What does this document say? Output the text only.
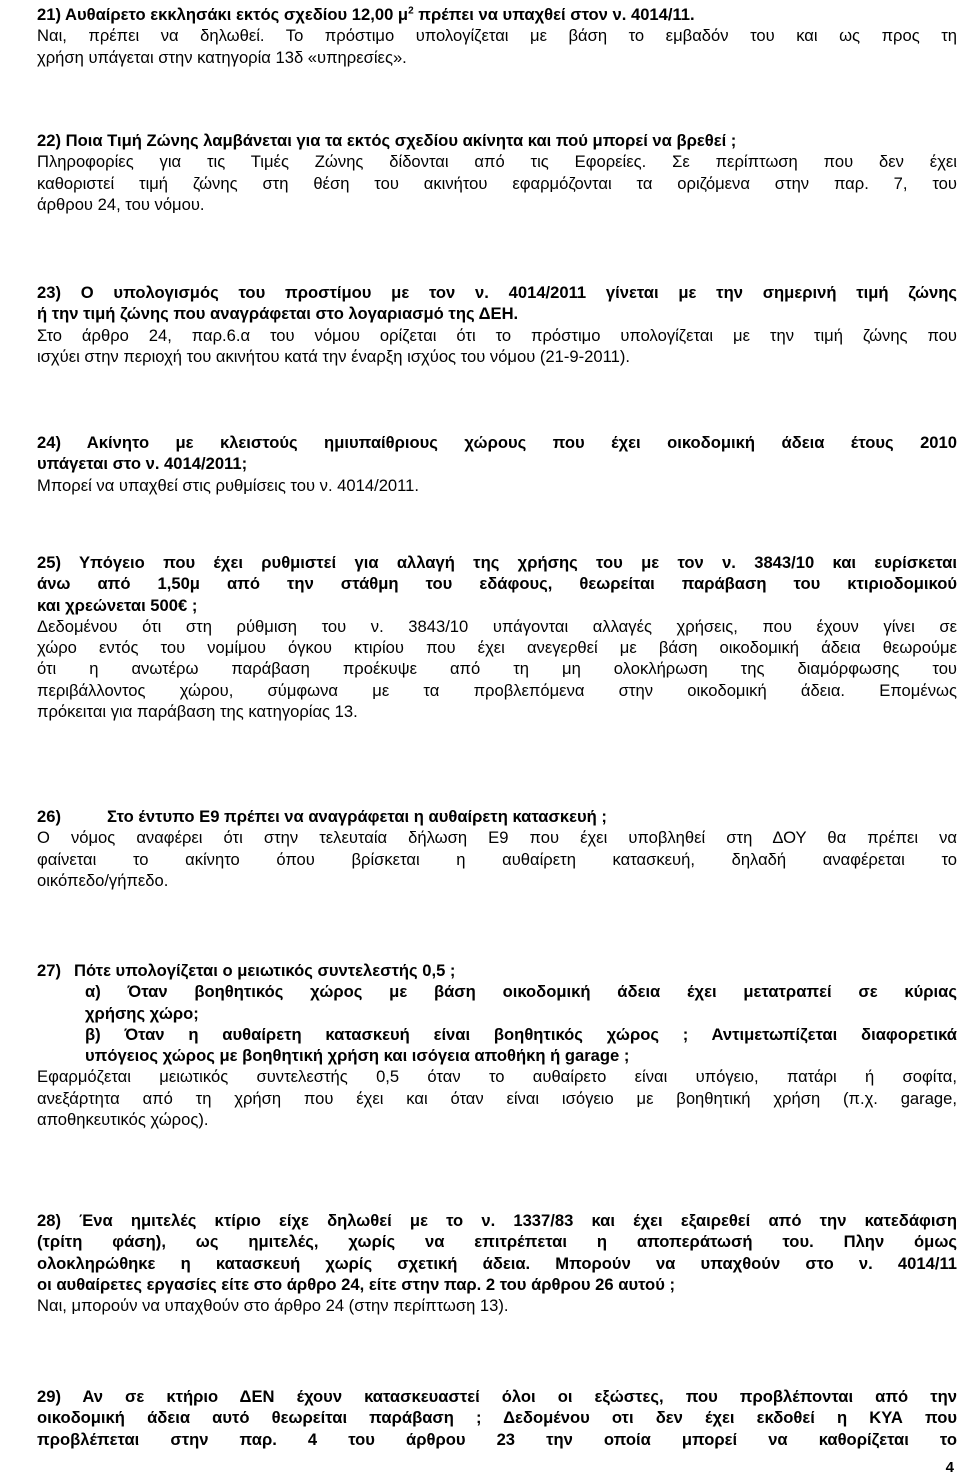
21) Αυθαίρετο εκκλησάκι εκτός σχεδίου 12,00 $\mu^2$ πρέπει να υπαχθεί στον ν. 4014/11.
Ναι, πρέπει να δηλωθεί. Το πρόστιμο υπολογίζεται με βάση το εμβαδόν του και ως προς τη
χρήση υπάγεται στην κατηγορία 13δ «υπηρεσίες».
22) Ποια Τιμή Ζώνης λαμβάνεται για τα εκτός σχεδίου ακίνητα και πού μπορεί να βρεθεί ;
Πληροφορίες για τις Τιμές Ζώνης δίδονται από τις Εφορείες. Σε περίπτωση που δεν έχει
καθοριστεί τιμή ζώνης στη θέση του ακινήτου εφαρμόζονται τα οριζόμενα στην παρ. 7, του
άρθρου 24, του νόμου.
23) Ο υπολογισμός του προστίμου με τον ν. 4014/2011 γίνεται με την σημερινή τιμή ζώνης
ή την τιμή ζώνης που αναγράφεται στο λογαριασμό της ΔΕΗ.
Στο άρθρο 24, παρ.6.α του νόμου ορίζεται ότι το πρόστιμο υπολογίζεται με την τιμή ζώνης που
ισχύει στην περιοχή του ακινήτου κατά την έναρξη ισχύος του νόμου (21-9-2011).
24) Ακίνητο με κλειστούς ημιυπαίθριους χώρους που έχει οικοδομική άδεια έτους 2010
υπάγεται στο ν. 4014/2011;
Μπορεί να υπαχθεί στις ρυθμίσεις του ν. 4014/2011.
25) Υπόγειο που έχει ρυθμιστεί για αλλαγή της χρήσης του με τον ν. 3843/10 και ευρίσκεται
άνω από 1,50μ από την στάθμη του εδάφους, θεωρείται παράβαση του κτιριοδομικού
και χρεώνεται 500€ ;
Δεδομένου ότι στη ρύθμιση του ν. 3843/10 υπάγονται αλλαγές χρήσεις, που έχουν γίνει σε
χώρο εντός του νομίμου όγκου κτιρίου που έχει ανεγερθεί με βάση οικοδομική άδεια θεωρούμε
ότι η ανωτέρω παράβαση προέκυψε από τη μη ολοκλήρωση της διαμόρφωσης του
περιβάλλοντος χώρου, σύμφωνα με τα προβλεπόμενα στην οικοδομική άδεια. Επομένως
πρόκειται για παράβαση της κατηγορίας 13.
26)	Στο έντυπο Ε9 πρέπει να αναγράφεται η αυθαίρετη κατασκευή ;
Ο νόμος αναφέρει ότι στην τελευταία δήλωση Ε9 που έχει υποβληθεί στη ΔΟΥ θα πρέπει να
φαίνεται το ακίνητο όπου βρίσκεται η αυθαίρετη κατασκευή, δηλαδή αναφέρεται το
οικόπεδο/γήπεδο.
27) Πότε υπολογίζεται ο μειωτικός συντελεστής 0,5 ;
α) Όταν βοηθητικός χώρος με βάση οικοδομική άδεια έχει μετατραπεί σε κύριας
χρήσης χώρο;
β) Όταν η αυθαίρετη κατασκευή είναι βοηθητικός χώρος ; Αντιμετωπίζεται διαφορετικά
υπόγειος χώρος με βοηθητική χρήση και ισόγεια αποθήκη ή garage ;
Εφαρμόζεται μειωτικός συντελεστής 0,5 όταν το αυθαίρετο είναι υπόγειο, πατάρι ή σοφίτα,
ανεξάρτητα από τη χρήση που έχει και όταν είναι ισόγειο με βοηθητική χρήση (π.χ. garage,
αποθηκευτικός χώρος).
28) Ένα ημιτελές κτίριο είχε δηλωθεί με το ν. 1337/83 και έχει εξαιρεθεί από την κατεδάφιση
(τρίτη φάση), ως ημιτελές, χωρίς να επιτρέπεται η αποπεράτωσή του. Πλην όμως
ολοκληρώθηκε η κατασκευή χωρίς σχετική άδεια. Μπορούν να υπαχθούν στο ν. 4014/11
οι αυθαίρετες εργασίες είτε στο άρθρο 24, είτε στην παρ. 2 του άρθρου 26 αυτού ;
Ναι, μπορούν να υπαχθούν στο άρθρο 24 (στην περίπτωση 13).
29) Αν σε κτήριο ΔΕΝ έχουν κατασκευαστεί όλοι οι εξώστες, που προβλέπονται από την
οικοδομική άδεια αυτό θεωρείται παράβαση ; Δεδομένου οτι δεν έχει εκδοθεί η ΚΥΑ που
προβλέπεται στην παρ. 4 του άρθρου 23 την οποία μπορεί να καθορίζεται το
4
